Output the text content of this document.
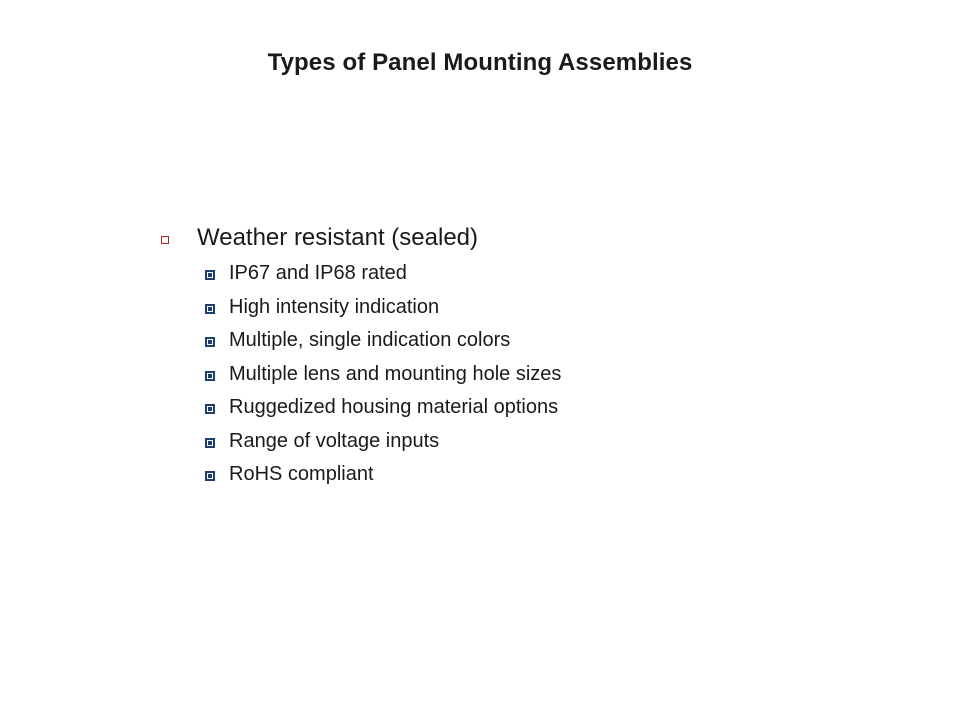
Types of Panel Mounting Assemblies
Weather resistant (sealed)
IP67 and IP68 rated
High intensity indication
Multiple, single indication colors
Multiple lens and mounting hole sizes
Ruggedized housing material options
Range of voltage inputs
RoHS compliant
